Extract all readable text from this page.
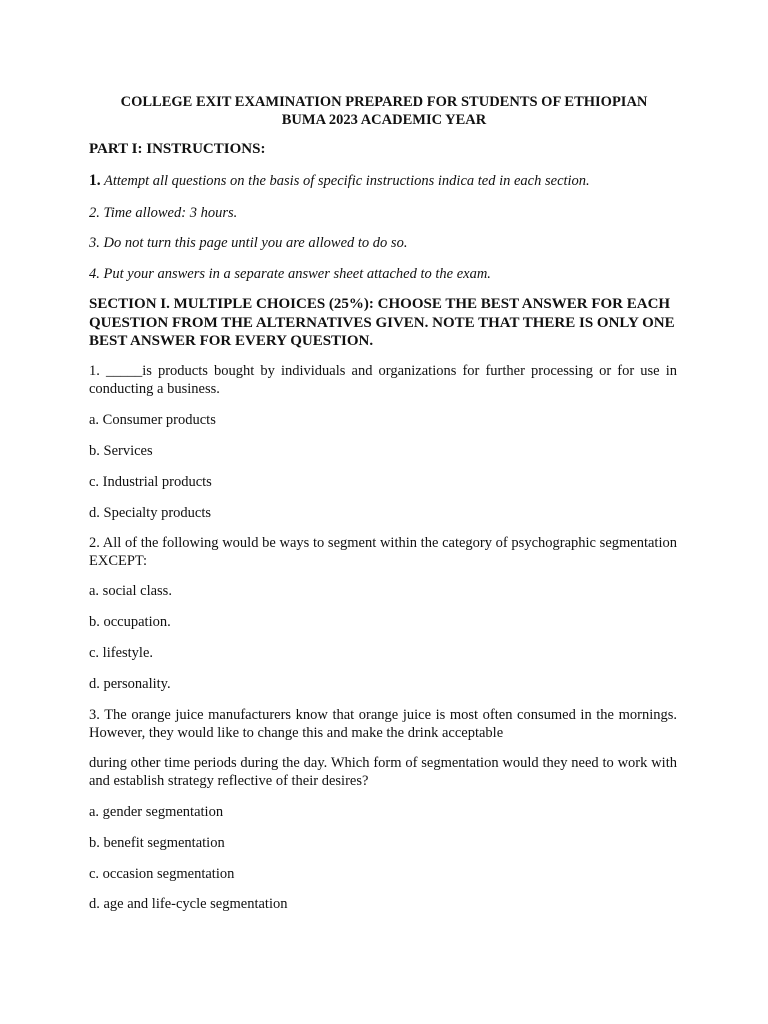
COLLEGE EXIT EXAMINATION PREPARED FOR STUDENTS OF ETHIOPIAN
BUMA 2023 ACADEMIC YEAR
PART I: INSTRUCTIONS:
1. Attempt all questions on the basis of specific instructions indica ted in each section.
2. Time allowed: 3 hours.
3. Do not turn this page until you are allowed to do so.
4. Put your answers in a separate answer sheet attached to the exam.
SECTION I. MULTIPLE CHOICES (25%): CHOOSE THE BEST ANSWER FOR EACH QUESTION FROM THE ALTERNATIVES GIVEN. NOTE THAT THERE IS ONLY ONE BEST ANSWER FOR EVERY QUESTION.
1. _____is products bought by individuals and organizations for further processing or for use in conducting a business.
a. Consumer products
b. Services
c. Industrial products
d. Specialty products
2. All of the following would be ways to segment within the category of psychographic segmentation EXCEPT:
a. social class.
b. occupation.
c. lifestyle.
d. personality.
3. The orange juice manufacturers know that orange juice is most often consumed in the mornings. However, they would like to change this and make the drink acceptable
during other time periods during the day. Which form of segmentation would they need to work with and establish strategy reflective of their desires?
a. gender segmentation
b. benefit segmentation
c. occasion segmentation
d. age and life-cycle segmentation
